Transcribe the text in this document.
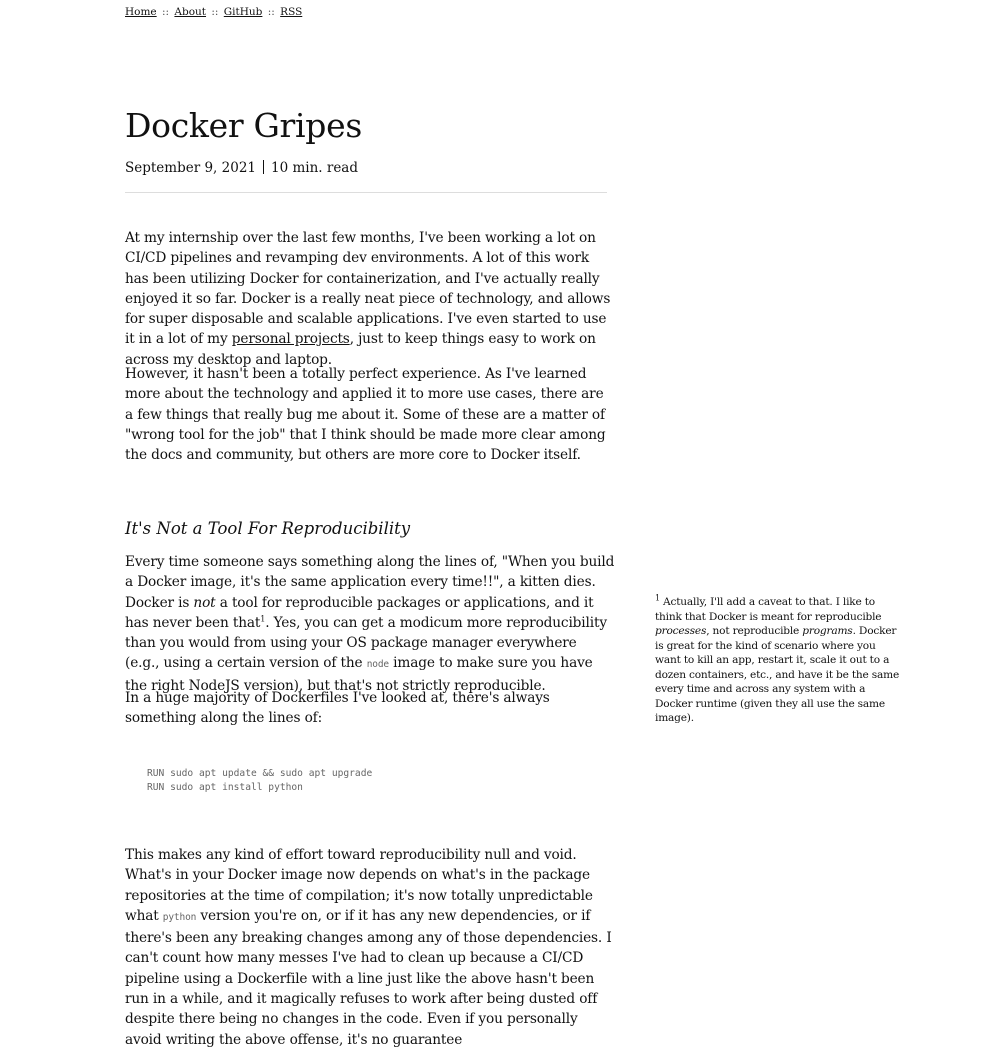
Home :: About :: GitHub :: RSS
Docker Gripes
September 9, 2021 10 min. read

At my internship over the last few months, I've been working a lot on CI/CD pipelines and revamping dev environments. A lot of this work has been utilizing Docker for containerization, and I've actually really enjoyed it so far. Docker is a really neat piece of technology, and allows for super disposable and scalable applications. I've even started to use it in a lot of my personal projects, just to keep things easy to work on across my desktop and laptop.

However, it hasn't been a totally perfect experience. As I've learned more about the technology and applied it to more use cases, there are a few things that really bug me about it. Some of these are a matter of "wrong tool for the job" that I think should be made more clear among the docs and community, but others are more core to Docker itself.

It's Not a Tool For Reproducibility

Every time someone says something along the lines of, "When you build a Docker image, it's the same application every time!!", a kitten dies. Docker is not a tool for reproducible packages or applications, and it has never been that$^1$. Yes, you can get a modicum more reproducibility than you would from using your OS package manager everywhere (e.g., using a certain version of the node image to make sure you have the right NodeJS version), but that's not strictly reproducible.

In a huge majority of Dockerfiles I've looked at, there's always something along the lines of:

RUN sudo apt update && sudo apt upgrade
RUN sudo apt install python

This makes any kind of effort toward reproducibility null and void. What's in your Docker image now depends on what's in the package repositories at the time of compilation; it's now totally unpredictable what python version you're on, or if it has any new dependencies, or if there's been any breaking changes among any of those dependencies. I can't count how many messes I've had to clean up because a CI/CD pipeline using a Dockerfile with a line just like the above hasn't been run in a while, and it magically refuses to work after being dusted off despite there being no changes in the code. Even if you personally avoid writing the above offense, it's no guarantee

$^1$ Actually, I'll add a caveat to that. I like to think that Docker is meant for reproducible processes, not reproducible programs. Docker is great for the kind of scenario where you want to kill an app, restart it, scale it out to a dozen containers, etc., and have it be the same every time and across any system with a Docker runtime (given they all use the same image).
